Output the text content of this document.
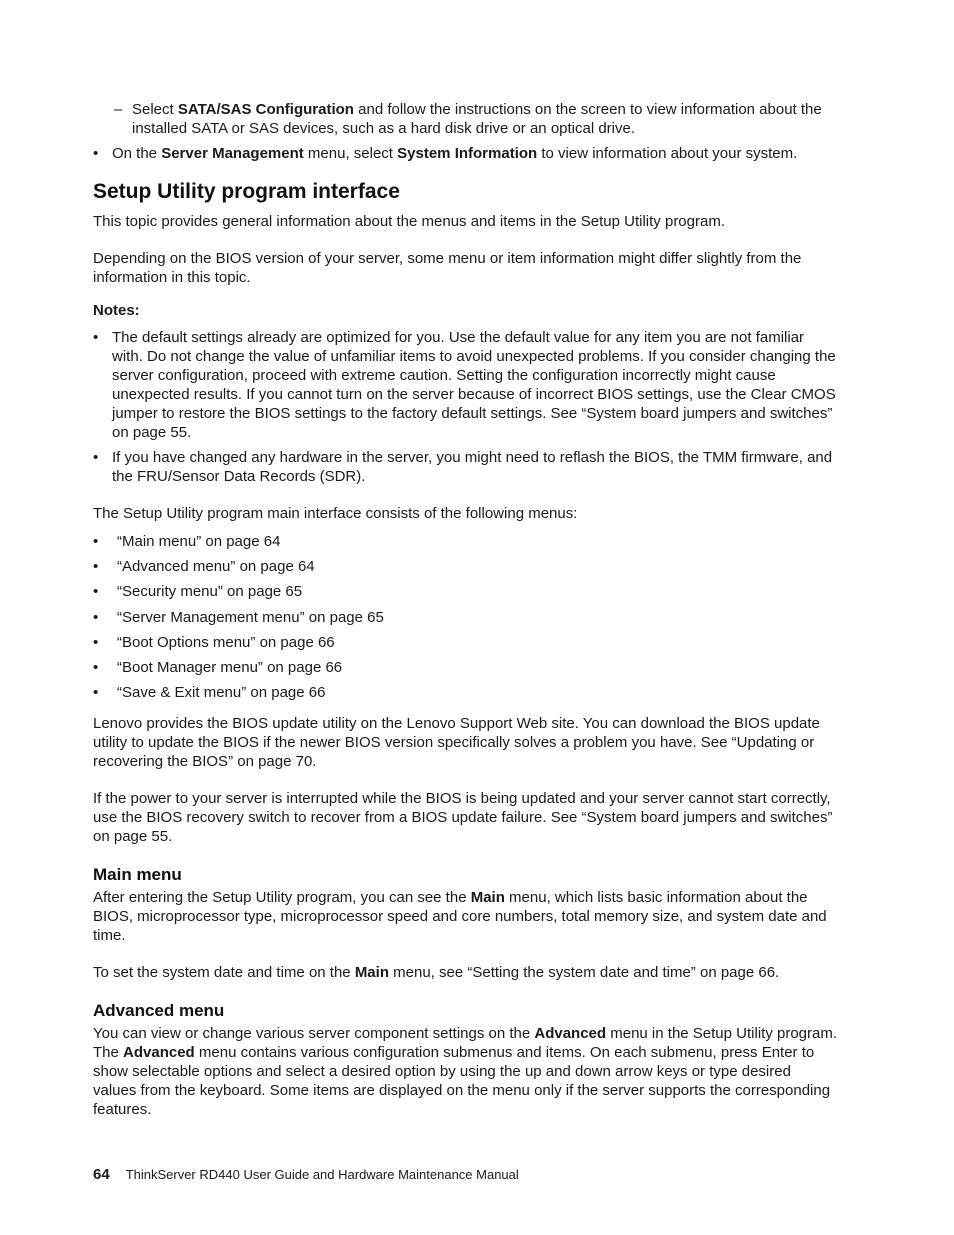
– Select SATA/SAS Configuration and follow the instructions on the screen to view information about the installed SATA or SAS devices, such as a hard disk drive or an optical drive.

• On the Server Management menu, select System Information to view information about your system.

Setup Utility program interface

This topic provides general information about the menus and items in the Setup Utility program.

Depending on the BIOS version of your server, some menu or item information might differ slightly from the information in this topic.

Notes:
• The default settings already are optimized for you. Use the default value for any item you are not familiar with. Do not change the value of unfamiliar items to avoid unexpected problems. If you consider changing the server configuration, proceed with extreme caution. Setting the configuration incorrectly might cause unexpected results. If you cannot turn on the server because of incorrect BIOS settings, use the Clear CMOS jumper to restore the BIOS settings to the factory default settings. See “System board jumpers and switches” on page 55.

• If you have changed any hardware in the server, you might need to reflash the BIOS, the TMM firmware, and the FRU/Sensor Data Records (SDR).

The Setup Utility program main interface consists of the following menus:

• “Main menu” on page 64
• “Advanced menu” on page 64
• “Security menu” on page 65
• “Server Management menu” on page 65
• “Boot Options menu” on page 66
• “Boot Manager menu” on page 66
• “Save & Exit menu” on page 66

Lenovo provides the BIOS update utility on the Lenovo Support Web site. You can download the BIOS update utility to update the BIOS if the newer BIOS version specifically solves a problem you have. See “Updating or recovering the BIOS” on page 70.

If the power to your server is interrupted while the BIOS is being updated and your server cannot start correctly, use the BIOS recovery switch to recover from a BIOS update failure. See “System board jumpers and switches” on page 55.

Main menu

After entering the Setup Utility program, you can see the Main menu, which lists basic information about the BIOS, microprocessor type, microprocessor speed and core numbers, total memory size, and system date and time.

To set the system date and time on the Main menu, see “Setting the system date and time” on page 66.

Advanced menu

You can view or change various server component settings on the Advanced menu in the Setup Utility program. The Advanced menu contains various configuration submenus and items. On each submenu, press Enter to show selectable options and select a desired option by using the up and down arrow keys or type desired values from the keyboard. Some items are displayed on the menu only if the server supports the corresponding features.

64 ThinkServer RD440 User Guide and Hardware Maintenance Manual
